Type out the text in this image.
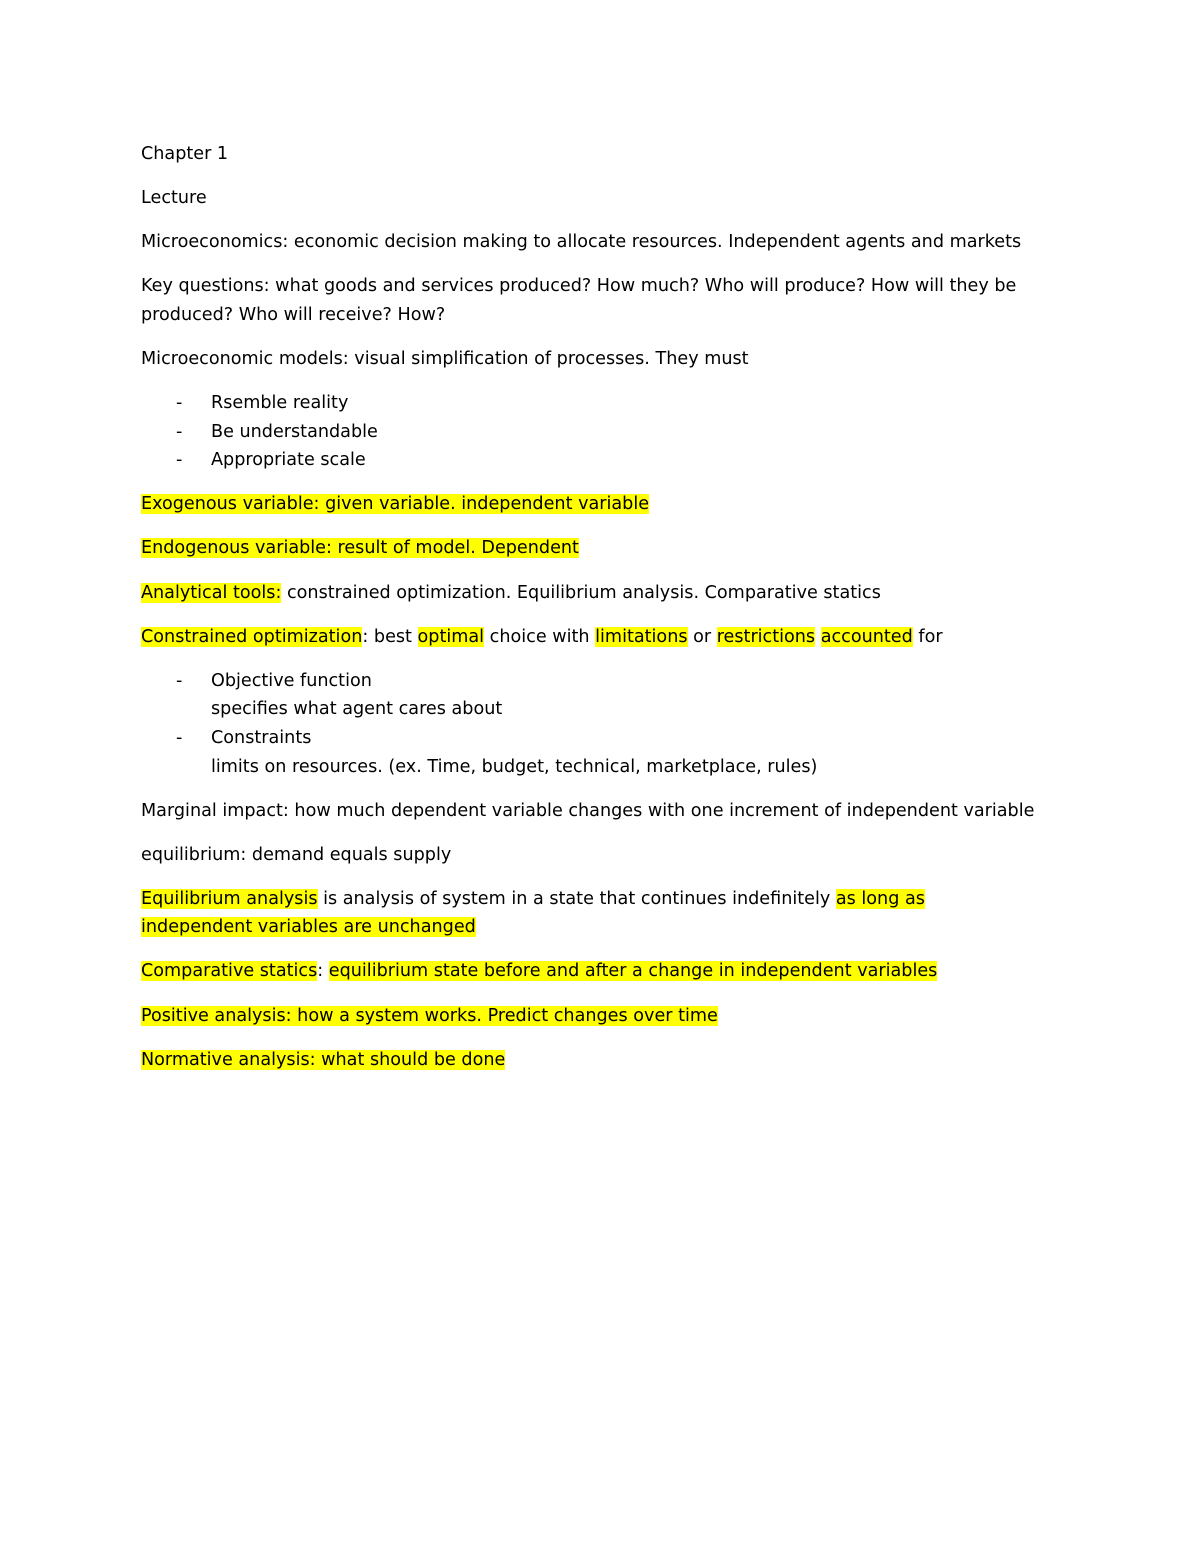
Chapter 1

Lecture

Microeconomics: economic decision making to allocate resources. Independent agents and markets

Key questions: what goods and services produced? How much? Who will produce? How will they be produced? Who will receive? How?

Microeconomic models: visual simplification of processes. They must

- Rsemble reality
- Be understandable
- Appropriate scale

Exogenous variable: given variable. independent variable

Endogenous variable: result of model. Dependent

Analytical tools: constrained optimization. Equilibrium analysis. Comparative statics

Constrained optimization: best optimal choice with limitations or restrictions accounted for

- Objective function
specifies what agent cares about
- Constraints
limits on resources. (ex. Time, budget, technical, marketplace, rules)

Marginal impact: how much dependent variable changes with one increment of independent variable

equilibrium: demand equals supply

Equilibrium analysis is analysis of system in a state that continues indefinitely as long as independent variables are unchanged

Comparative statics: equilibrium state before and after a change in independent variables

Positive analysis: how a system works. Predict changes over time

Normative analysis: what should be done
